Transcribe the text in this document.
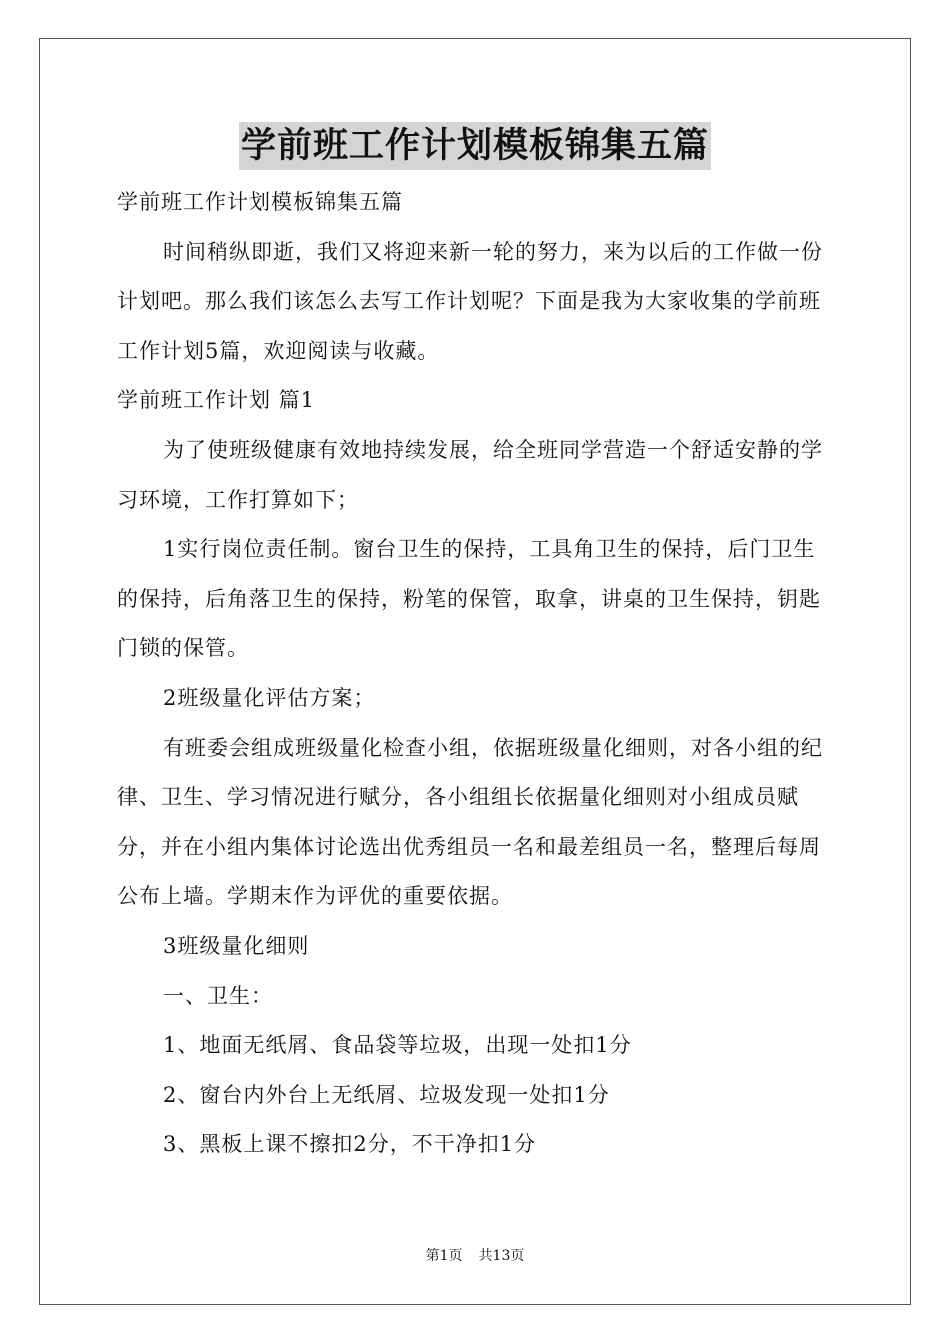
学前班工作计划模板锦集五篇

学前班工作计划模板锦集五篇

时间稍纵即逝，我们又将迎来新一轮的努力，来为以后的工作做一份计划吧。那么我们该怎么去写工作计划呢？下面是我为大家收集的学前班工作计划5篇，欢迎阅读与收藏。

学前班工作计划 篇1

为了使班级健康有效地持续发展，给全班同学营造一个舒适安静的学习环境，工作打算如下；

1实行岗位责任制。窗台卫生的保持，工具角卫生的保持，后门卫生的保持，后角落卫生的保持，粉笔的保管，取拿，讲桌的卫生保持，钥匙门锁的保管。

2班级量化评估方案；

有班委会组成班级量化检查小组，依据班级量化细则，对各小组的纪律、卫生、学习情况进行赋分，各小组组长依据量化细则对小组成员赋分，并在小组内集体讨论选出优秀组员一名和最差组员一名，整理后每周公布上墙。学期末作为评优的重要依据。

3班级量化细则

一、卫生：

1、地面无纸屑、食品袋等垃圾，出现一处扣1分

2、窗台内外台上无纸屑、垃圾发现一处扣1分

3、黑板上课不擦扣2分，不干净扣1分

第1页 共13页
